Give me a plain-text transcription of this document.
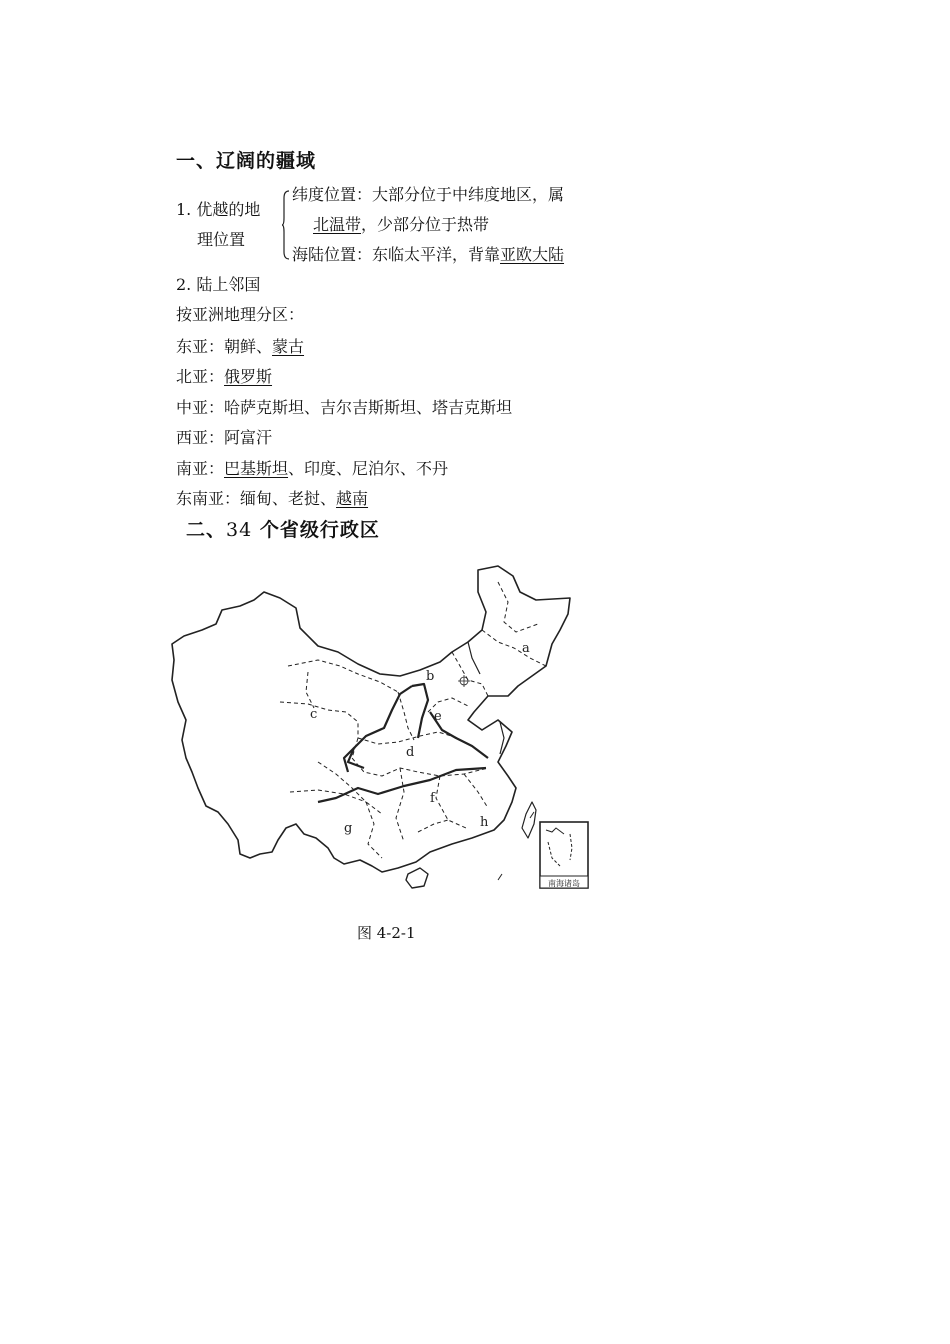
一、辽阔的疆域
1. 优越的地
理位置
纬度位置：大部分位于中纬度地区，属
北温带，少部分位于热带
海陆位置：东临太平洋，背靠亚欧大陆
2. 陆上邻国
按亚洲地理分区：
东亚：朝鲜、蒙古
北亚：俄罗斯
中亚：哈萨克斯坦、吉尔吉斯斯坦、塔吉克斯坦
西亚：阿富汗
南亚：巴基斯坦、印度、尼泊尔、不丹
东南亚：缅甸、老挝、越南
二、34 个省级行政区
a
b
c
d
e
f
g	h
南海诸岛
图 4-2-1
